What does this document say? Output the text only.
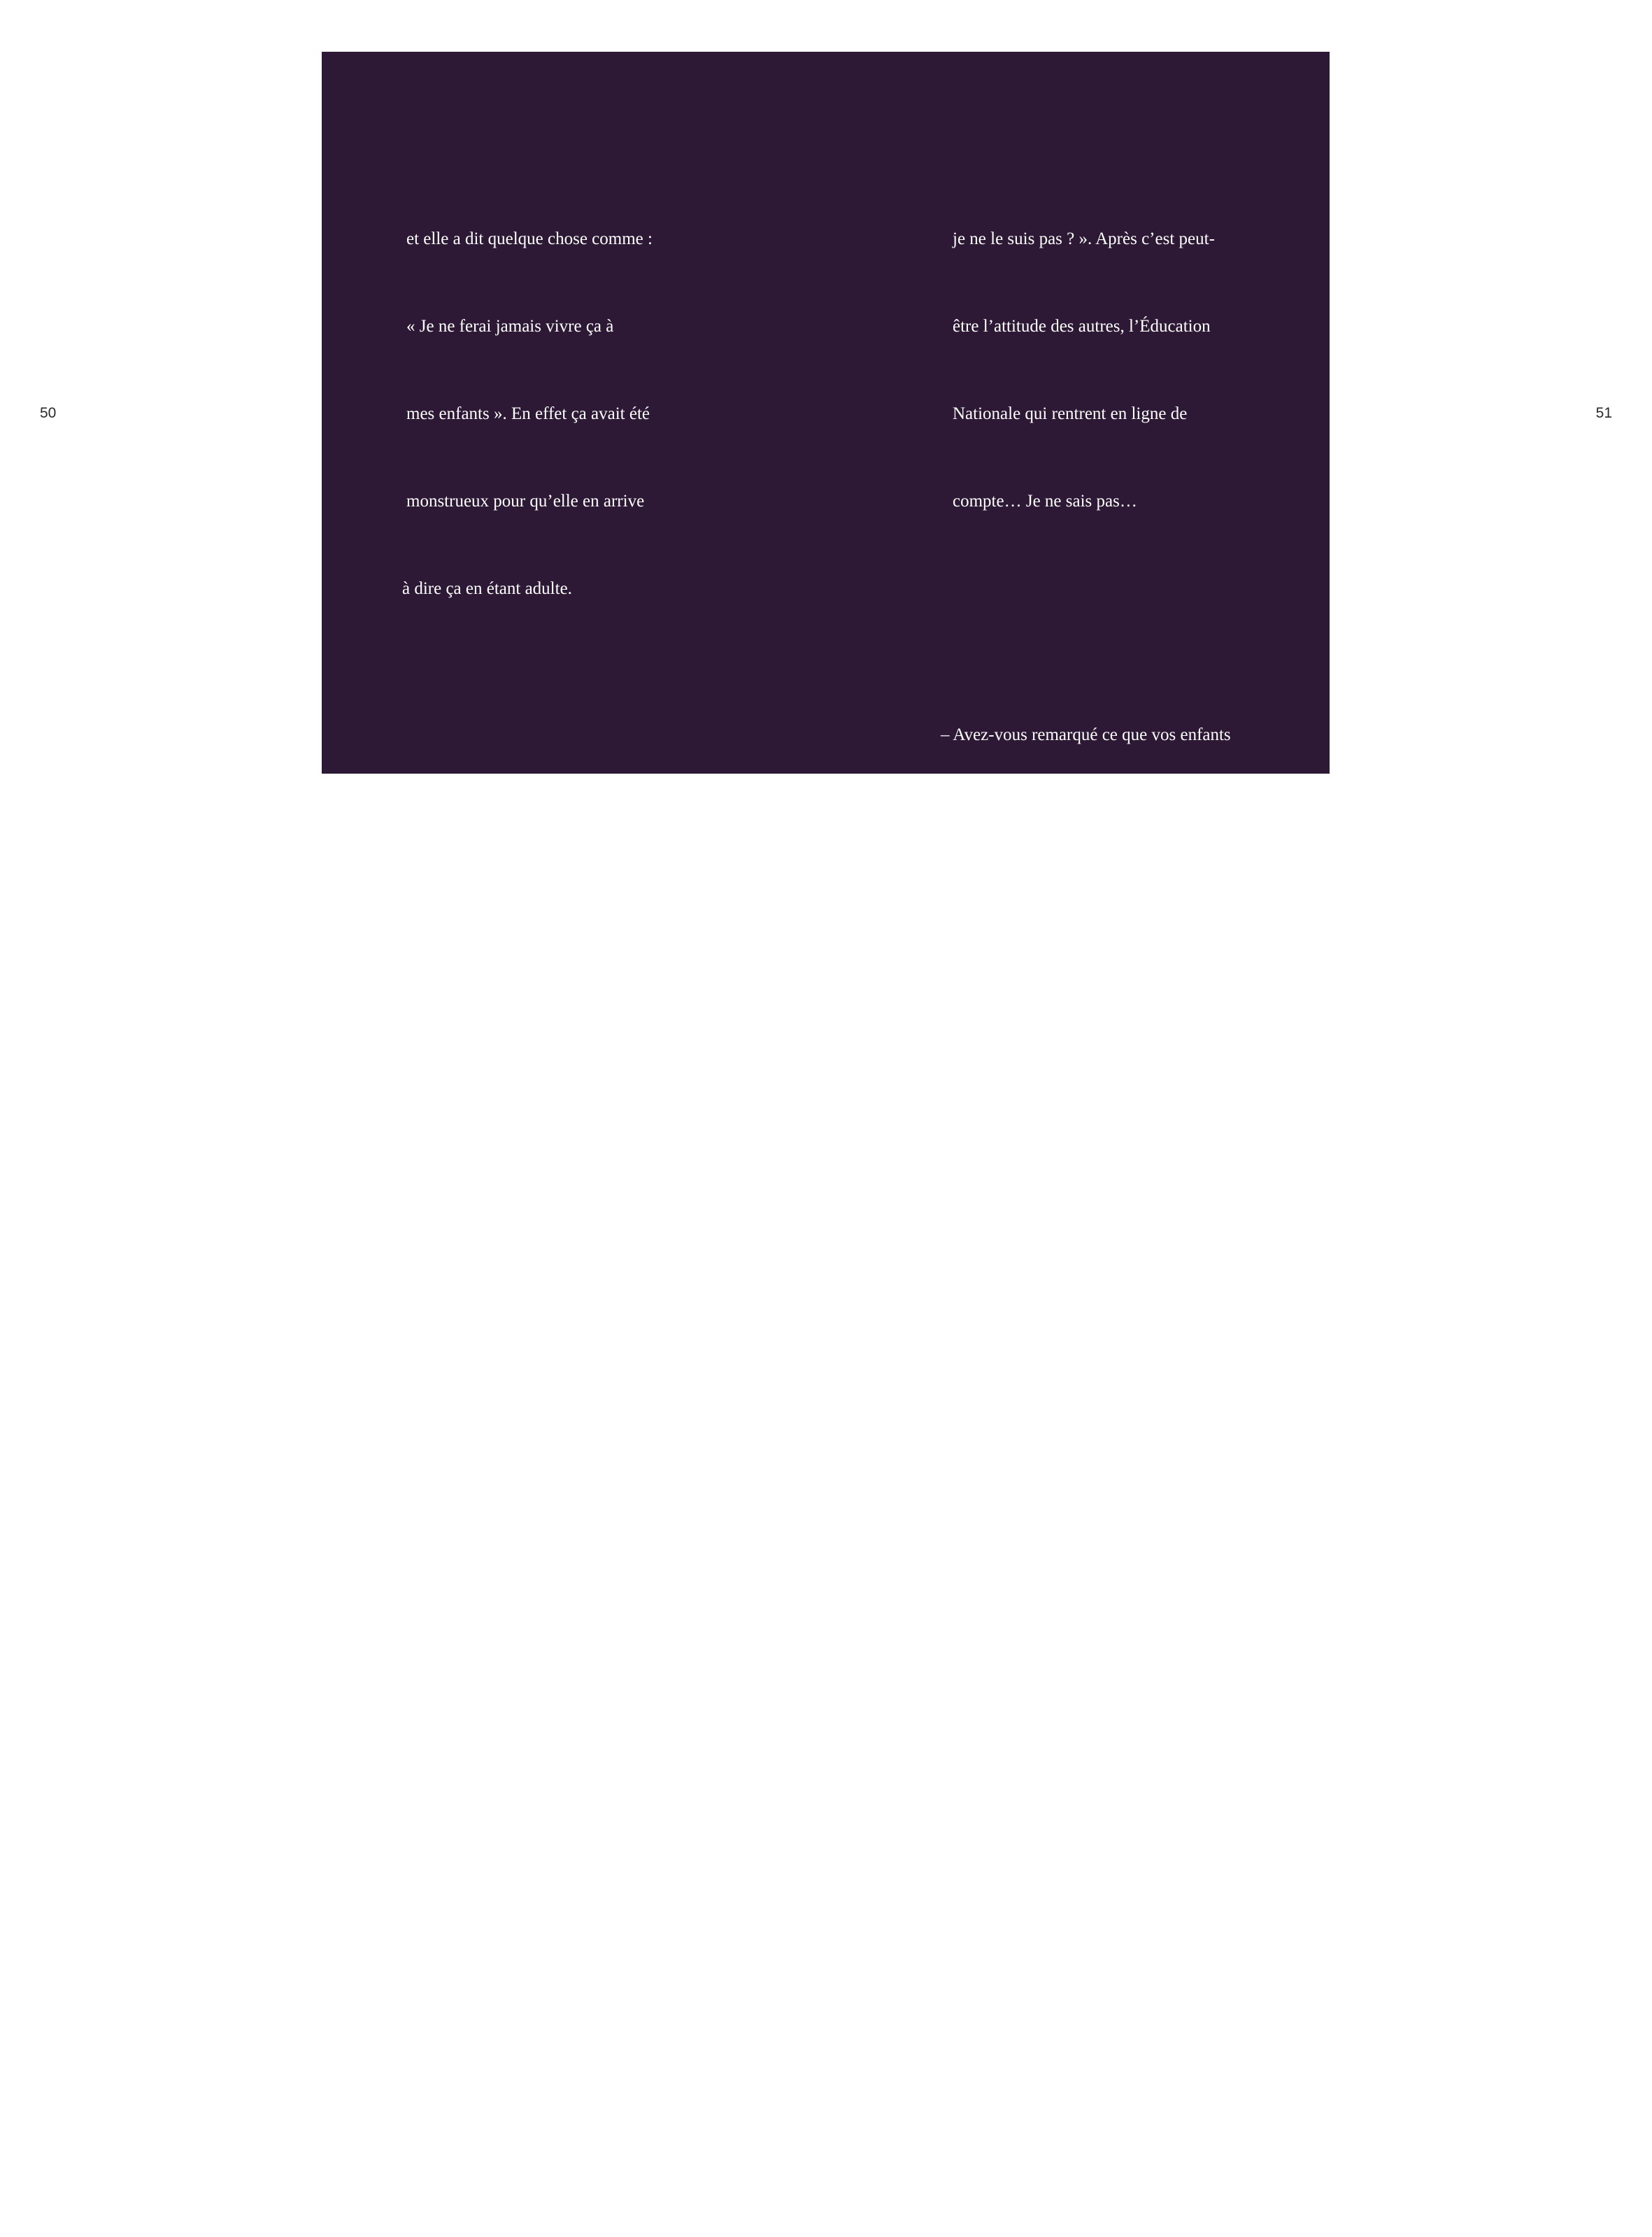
50	51

et elle a dit quelque chose comme :

« Je ne ferai jamais vivre ça à

mes enfants ». En effet ça avait été

monstrueux pour qu’elle en arrive

à dire ça en étant adulte.

– Pensez-vous que leur estime de soi

a été touchée par leur dévalorisation

à l’école ?

– Je ne sais pas si quelqu’un les a

dévalorisées. Mais oui, elles ont une

image d’elles dégradée, vraiment…

Je ne sais pas si c’est à cause de la

façon dont l’école les a traitées ou ce

qu’elle leur a infligé ou si c’est parce

qu’à l’époque elles étaient trop jeunes

pour comprendre ce qui se passait ou

si c’était juste insupportable de se

dire : « Pourquoi moi qui ai l’air

comme tout le monde en fait

je ne le suis pas ? ». Après c’est peut-

être l’attitude des autres, l’Éducation

Nationale qui rentrent en ligne de

compte… Je ne sais pas…

– Avez-vous remarqué ce que vos enfants

aimaient le plus à l’école ? Sans parler

de la récréation.

– Oui, sans parler de la récréation

bien sûr… Chacune avait des matières

préférées et c’est resté, ça s’est

confirmé à l’âge adulte. La façon

dont elles aimaient ou pas certaines

matières dépendait essentiellement

de l’enseignant qu’elles avaient en face,

et de sa manière de les comprendre ou

pas, de les valoriser ou pas. Mais c’est

vrai, qu’il y en avait une c’était surtout

les arts plastiques.
